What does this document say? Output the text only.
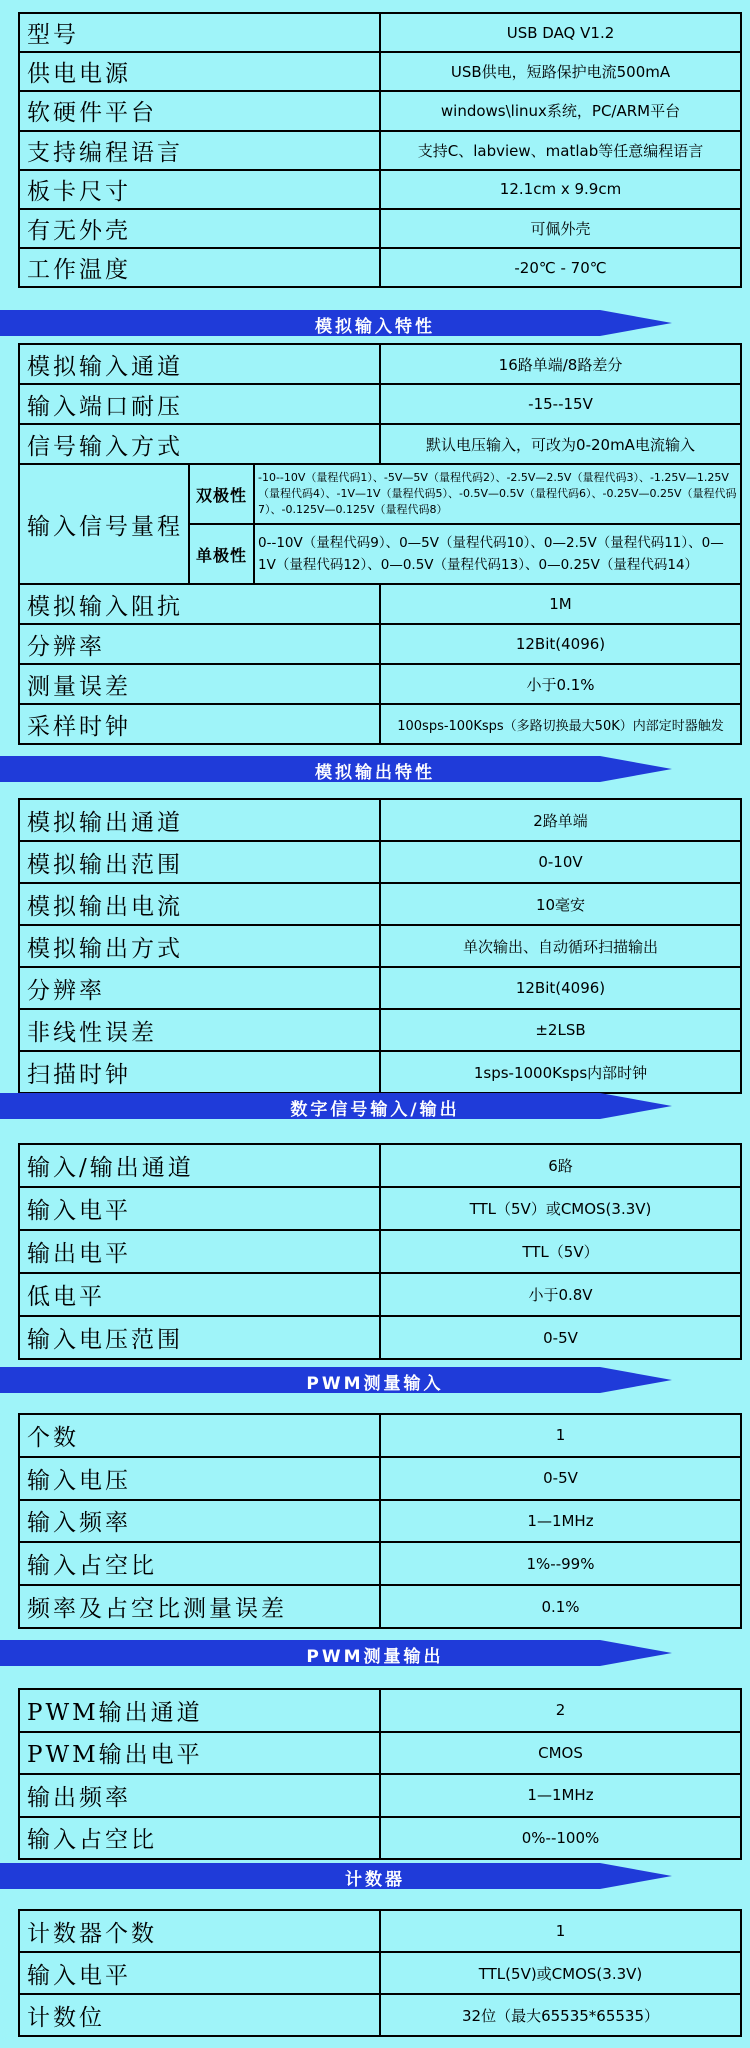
型号	USB DAQ V1.2
供电电源	USB供电，短路保护电流500mA
软硬件平台	windows\linux系统，PC/ARM平台
支持编程语言	支持C、labview、matlab等任意编程语言
板卡尺寸	12.1cm x 9.9cm
有无外壳	可佩外壳
工作温度	-20℃ - 70℃
模拟输入特性
模拟输入通道			16路单端/8路差分
输入端口耐压			-15--15V
信号输入方式			默认电压输入，可改为0-20mA电流输入
输入信号量程	双极性	-10--10V（量程代码1）、-5V—5V（量程代码2）、-2.5V—2.5V（量程代码3）、-1.25V—1.25V（量程代码4）、-1V—1V（量程代码5）、-0.5V—0.5V（量程代码6）、-0.25V—0.25V（量程代码7）、-0.125V—0.125V（量程代码8）	
	单极性	0--10V（量程代码9）、0—5V（量程代码10）、0—2.5V（量程代码11）、0—1V（量程代码12）、0—0.5V（量程代码13）、0—0.25V（量程代码14）	
模拟输入阻抗			1M
分辨率			12Bit(4096)
测量误差			小于0.1%
采样时钟			100sps-100Ksps（多路切换最大50K）内部定时器触发
模拟输出特性
模拟输出通道	2路单端
模拟输出范围	0-10V
模拟输出电流	10毫安
模拟输出方式	单次输出、自动循环扫描输出
分辨率	12Bit(4096)
非线性误差	±2LSB
扫描时钟	1sps-1000Ksps内部时钟
数字信号输入/输出
输入/输出通道	6路
输入电平	TTL（5V）或CMOS(3.3V)
输出电平	TTL（5V）
低电平	小于0.8V
输入电压范围	0-5V
PWM测量输入
个数	1
输入电压	0-5V
输入频率	1—1MHz
输入占空比	1%--99%
频率及占空比测量误差	0.1%
PWM测量输出
PWM输出通道	2
PWM输出电平	CMOS
输出频率	1—1MHz
输入占空比	0%--100%
计数器
计数器个数	1
输入电平	TTL(5V)或CMOS(3.3V)
计数位	32位（最大65535*65535）
